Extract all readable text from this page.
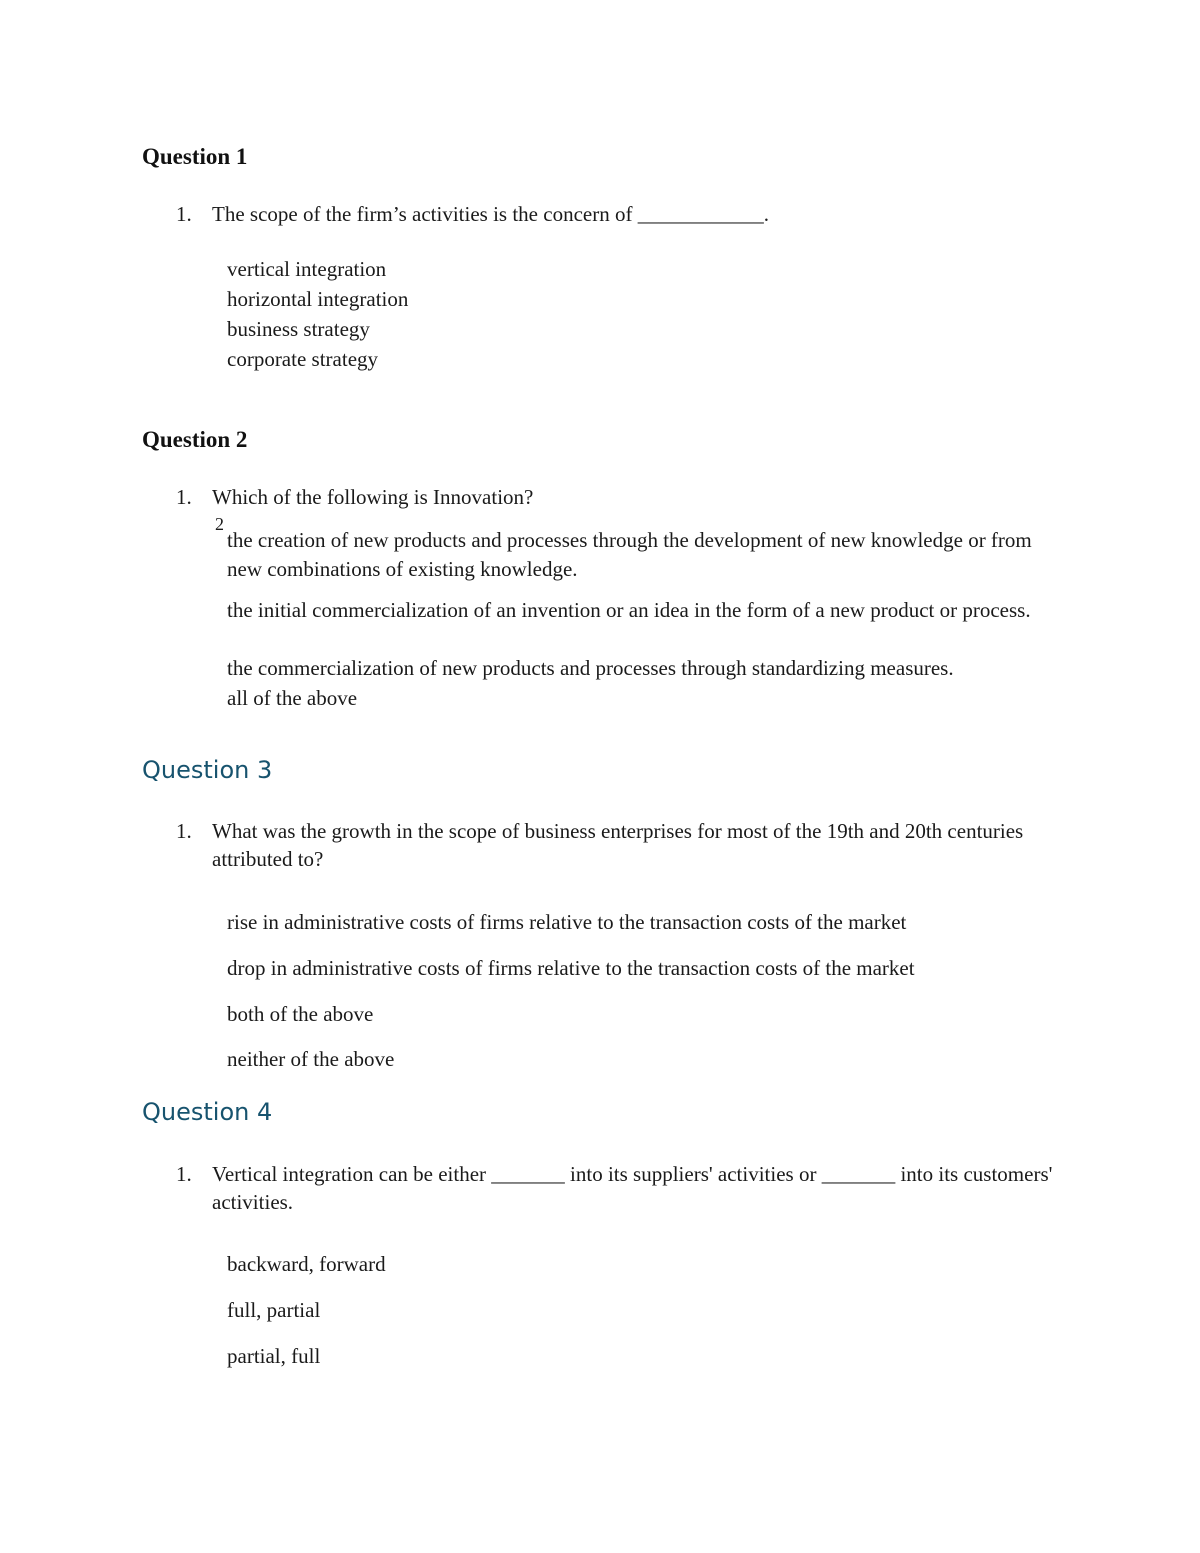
Question 1
1. The scope of the firm’s activities is the concern of ____________.
vertical integration
horizontal integration
business strategy
corporate strategy
Question 2
1. Which of the following is Innovation?
2
the creation of new products and processes through the development of new knowledge or from new combinations of existing knowledge.
the initial commercialization of an invention or an idea in the form of a new product or process.
the commercialization of new products and processes through standardizing measures.
all of the above
Question 3
1. What was the growth in the scope of business enterprises for most of the 19th and 20th centuries attributed to?
rise in administrative costs of firms relative to the transaction costs of the market
drop in administrative costs of firms relative to the transaction costs of the market
both of the above
neither of the above
Question 4
1. Vertical integration can be either _______ into its suppliers' activities or _______ into its customers' activities.
backward, forward
full, partial
partial, full
